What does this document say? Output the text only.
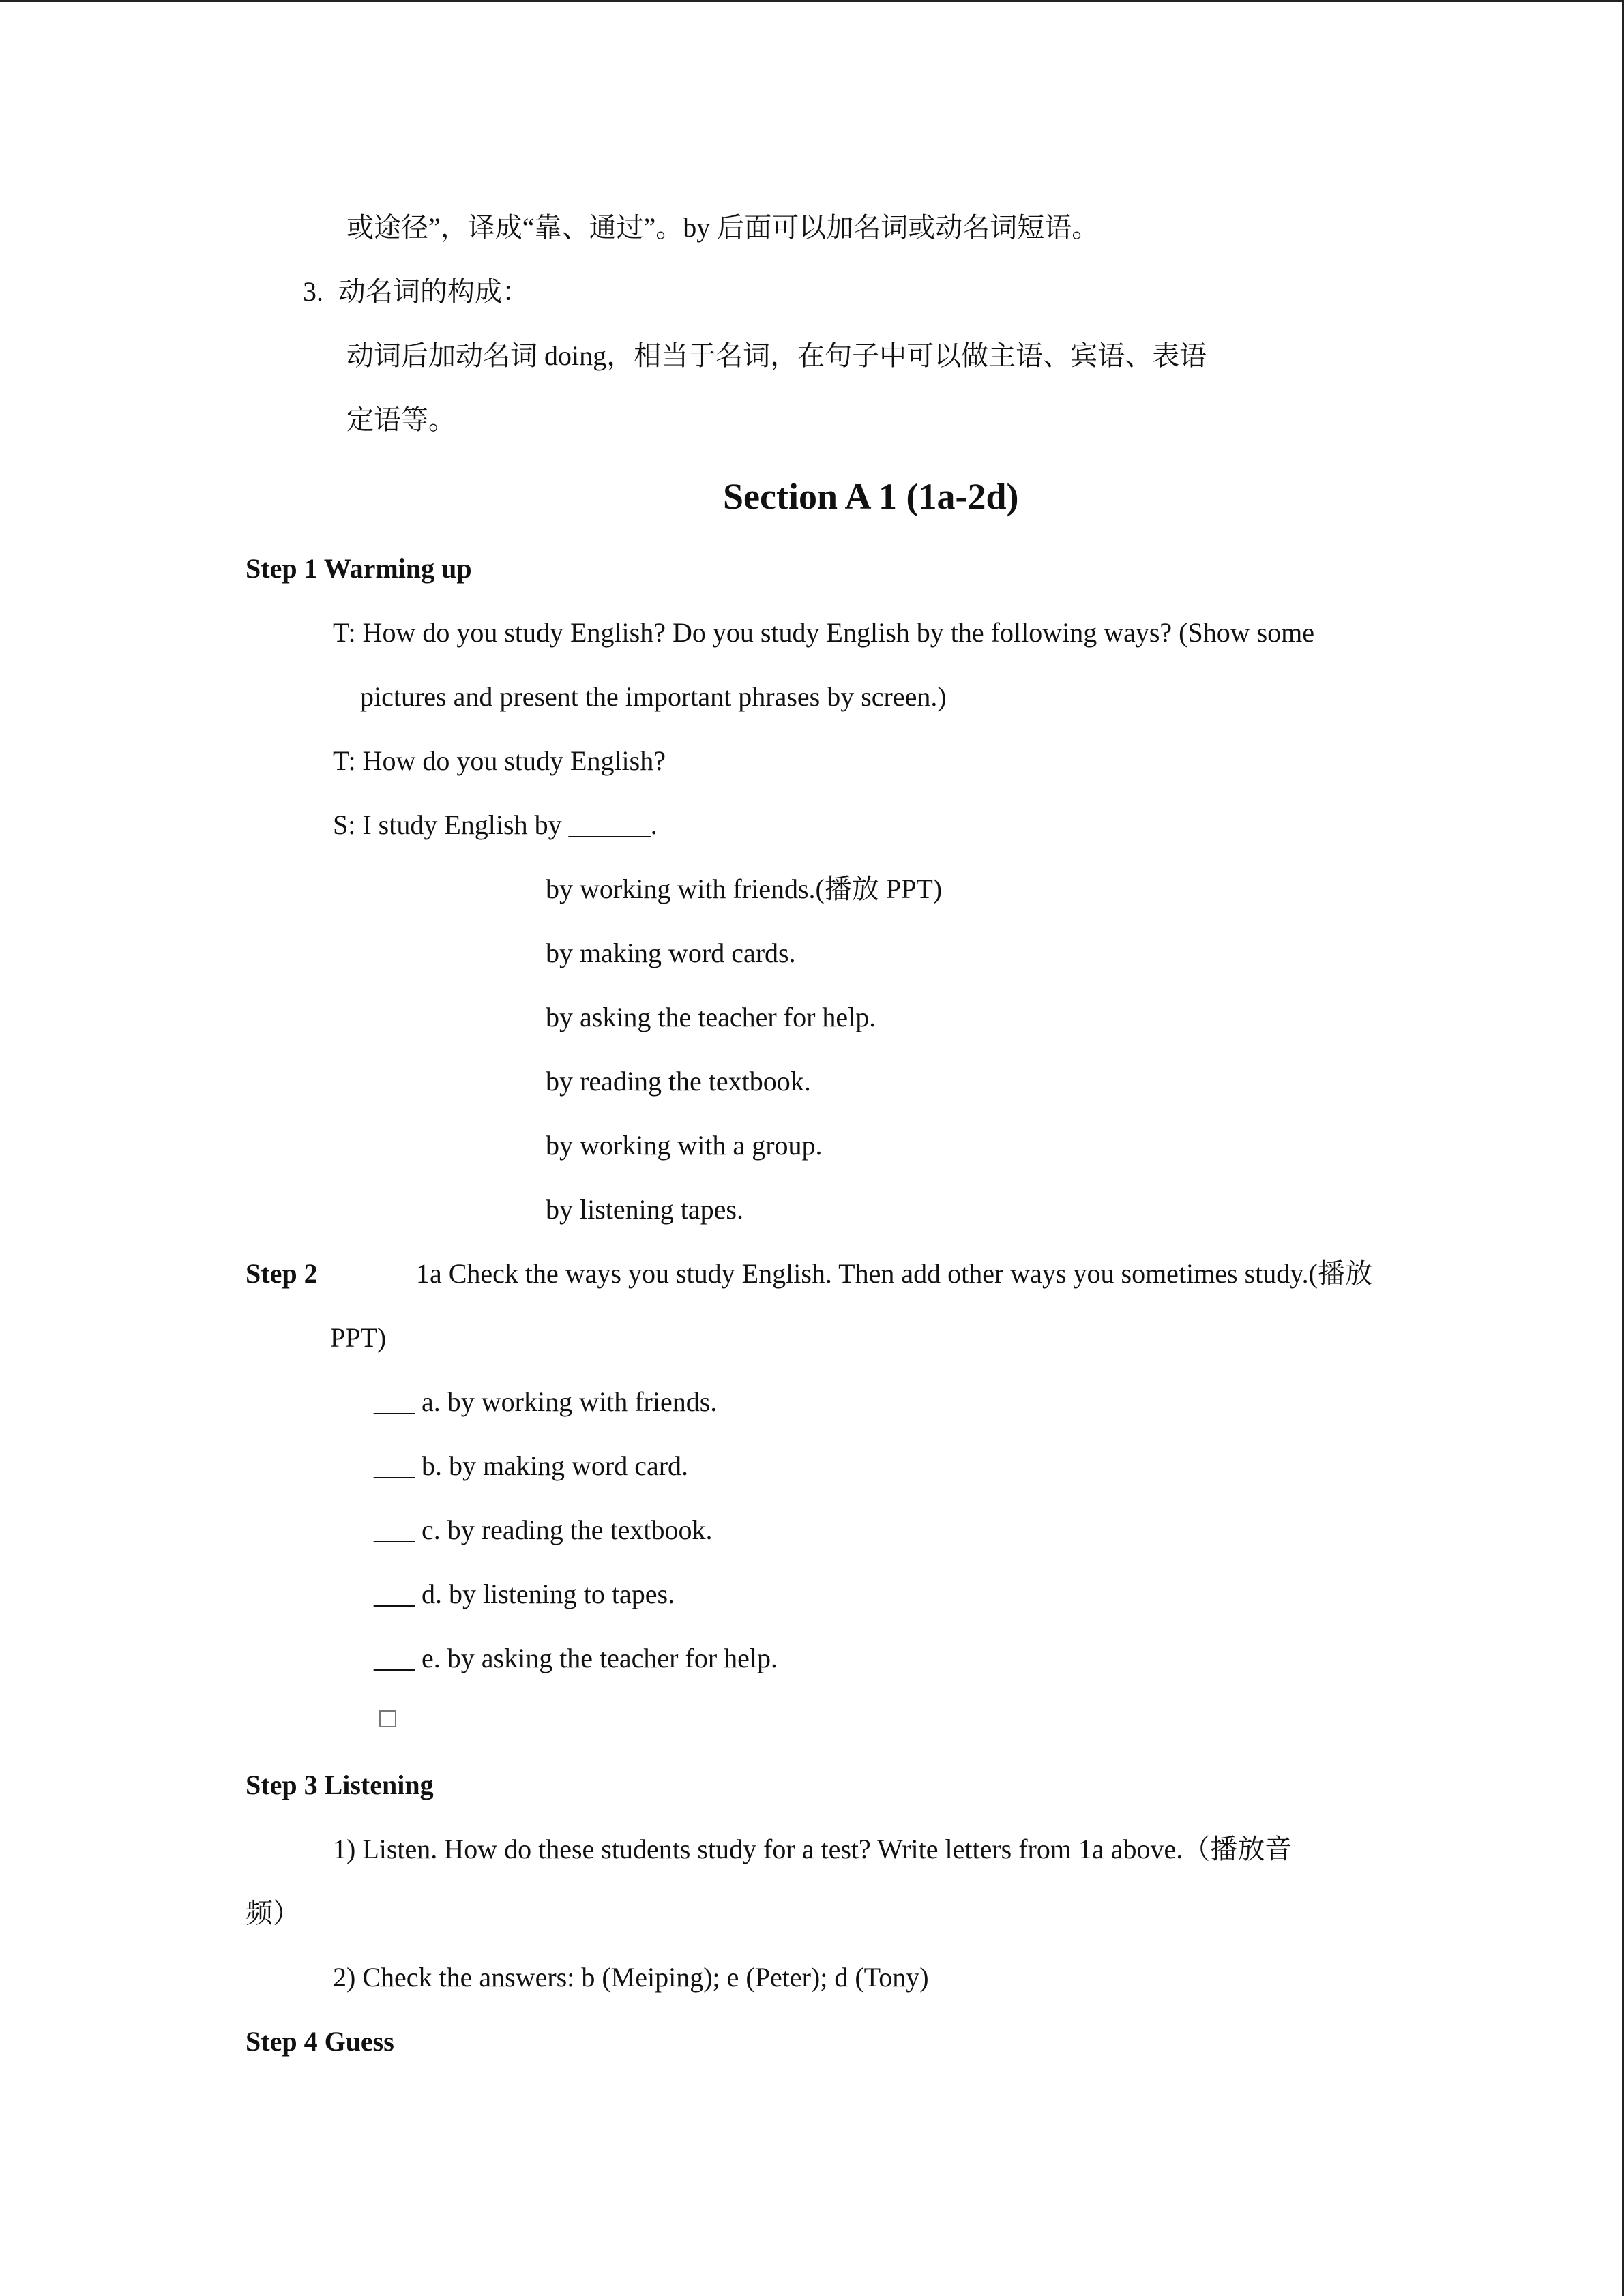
或途径”，译成“靠、通过”。by 后面可以加名词或动名词短语。
3. 动名词的构成：
动词后加动名词 doing，相当于名词，在句子中可以做主语、宾语、表语
定语等。
Section A 1 (1a-2d)
Step 1 Warming up
T: How do you study English? Do you study English by the following ways? (Show some
pictures and present the important phrases by screen.)
T: How do you study English?
S: I study English by ______.
by working with friends.(播放 PPT)
by making word cards.
by asking the teacher for help.
by reading the textbook.
by working with a group.
by listening tapes.
Step 2	1a Check the ways you study English. Then add other ways you sometimes study.(播放
PPT)
___ a. by working with friends.
___ b. by making word card.
___ c. by reading the textbook.
___ d. by listening to tapes.
___ e. by asking the teacher for help.
Step 3 Listening
1) Listen. How do these students study for a test? Write letters from 1a above.（播放音
频）
2) Check the answers: b (Meiping); e (Peter); d (Tony)
Step 4 Guess
